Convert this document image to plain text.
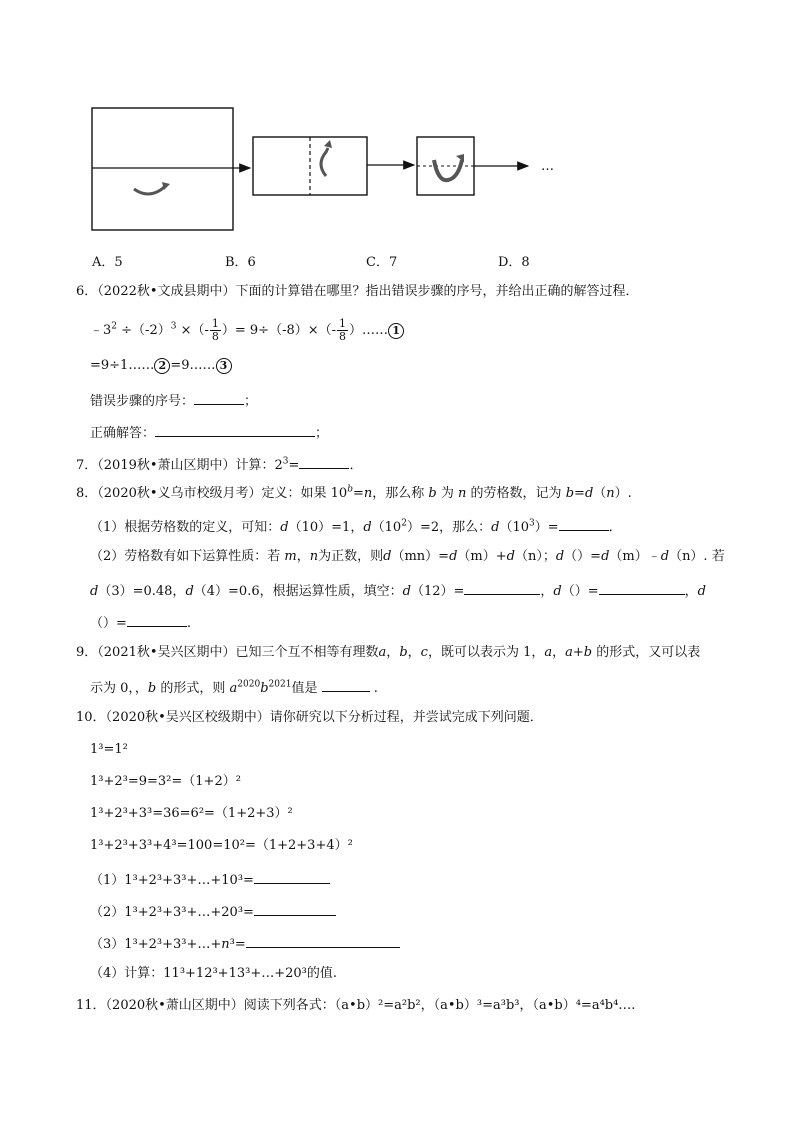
…
A．5	B．6	C．7	D．8
6．（2022秋•文成县期中）下面的计算错在哪里？指出错误步骤的序号，并给出正确的解答过程．
$﹣3^2 \div(-2)^3$ ×（- $\frac{1}{8}$ ）= $9\div(-8)\times(- \frac{1}{8}$ ）…… 1
=9÷1…… 2 =9…… 3
错误步骤的序号：	；
正确解答：	；
7．（2019秋•萧山区期中）计算：$2^3=$	．
8．（2020秋•义乌市校级月考）定义：如果 $10^b=n$，那么称 b 为 n 的劳格数，记为 b=d（n）.
（1）根据劳格数的定义，可知：d（10）=1，$d(10^2)=2$，那么：$d(10^3)=$	．
（2）劳格数有如下运算性质：若 m，n为正数，则d（mn）=d（m）+d（n）；d（）=d（m）﹣d（n）. 若
d（3）=0.48，d（4）=0.6，根据运算性质，填空：d（12）=	，d（）=	，d
（）=	.
9．（2021秋•吴兴区期中）已知三个互不相等有理数a，b，c，既可以表示为 1，a，a+b 的形式，又可以表
示为 0，，b 的形式，则 $a^{2020}b^{2021}$值是	.
10．（2020秋•吴兴区校级期中）请你研究以下分析过程，并尝试完成下列问题．
1³=1²
1³+2³=9=3²=（1+2）²
1³+2³+3³=36=6²=（1+2+3）²
1³+2³+3³+4³=100=10²=（1+2+3+4）²
（1）1³+2³+3³+…+10³=
（2）1³+2³+3³+…+20³=
（3）1³+2³+3³+…+n³=
（4）计算：11³+12³+13³+…+20³的值.
11．（2020秋•萧山区期中）阅读下列各式：（a•b）²=a²b²，（a•b）³=a³b³，（a•b）⁴=a⁴b⁴….
